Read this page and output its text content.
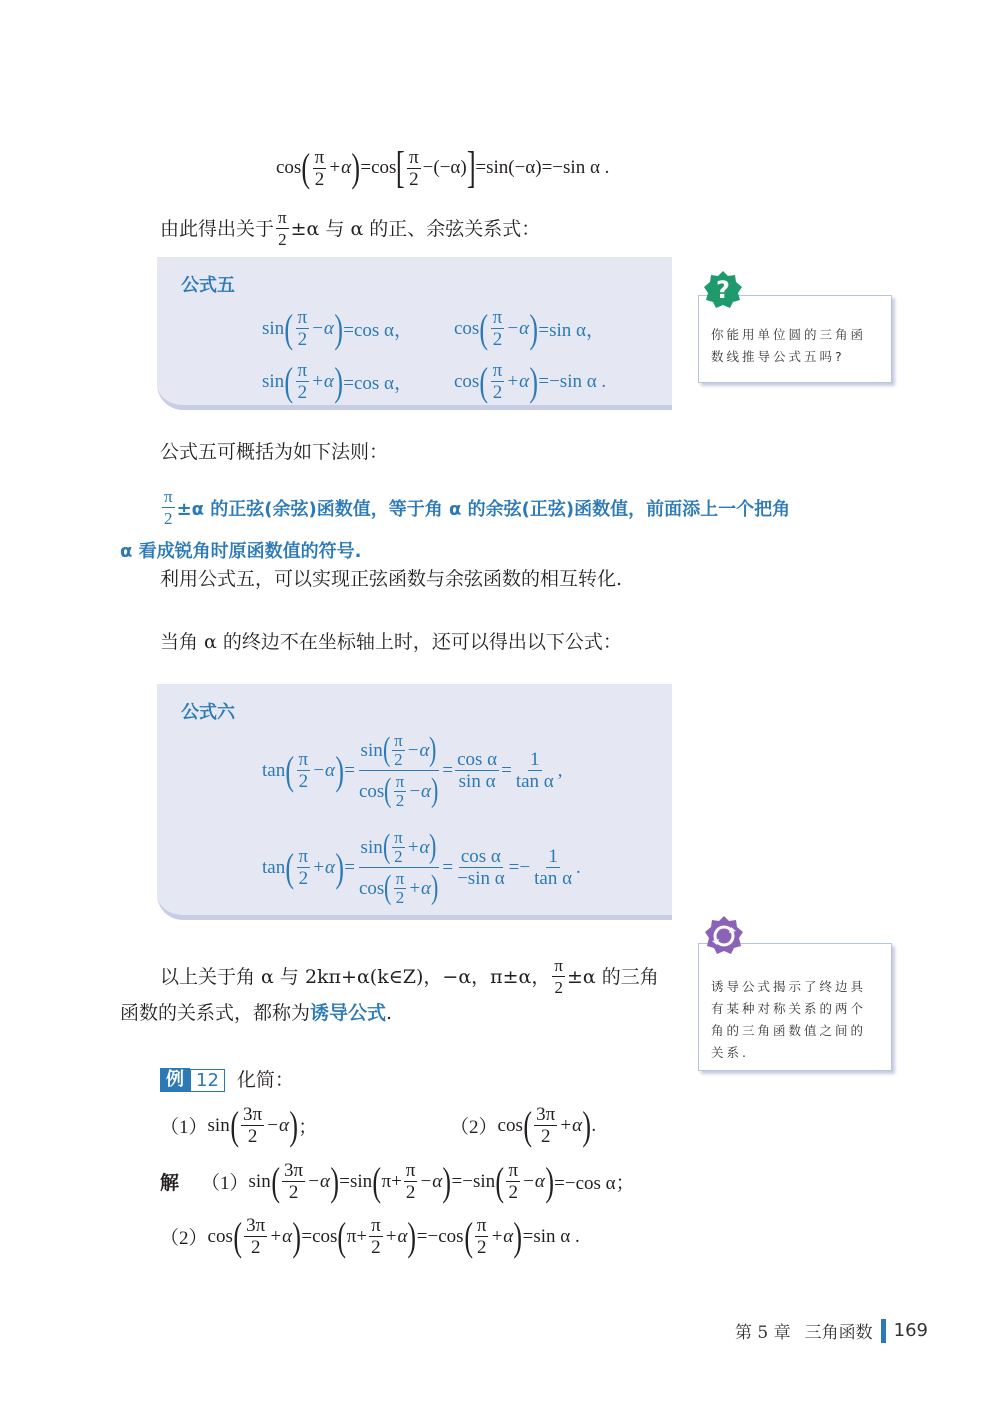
cos ( $\frac{\pi}{2} +\alpha$ ) =cos [ $\frac{\pi}{2} -(-\alpha)$ ] =sin(−α)=−sin α .
由此得出关于 $\frac{\pi}{2} \pm\alpha$ 与 α 的正、余弦关系式：
公式五
sin ( $\frac{\pi}{2} -\alpha$ ) =cos α， cos ( $\frac{\pi}{2} -\alpha$ ) =sin α，
sin ( $\frac{\pi}{2} +\alpha$ ) =cos α， cos ( $\frac{\pi}{2} +\alpha$ ) =−sin α .
你能用单位圆的三角函数线推导公式五吗?
?
公式五可概括为如下法则：
$\frac{\pi}{2} \pm\alpha$ 的正弦(余弦)函数值，等于角 α 的余弦(正弦)函数值，前面添上一个把角
α 看成锐角时原函数值的符号.
利用公式五，可以实现正弦函数与余弦函数的相互转化.
当角 α 的终边不在坐标轴上时，还可以得出以下公式：
公式六
tan ( $\frac{\pi}{2} -\alpha$ ) = $\frac{\sin ( \frac{\pi}{2} -\alpha )}{\cos ( \frac{\pi}{2} -\alpha )} = \frac{\text{cos α}}{\text{sin α}} = \frac{1}{\text{tan α}}$ ,
tan ( $\frac{\pi}{2} +\alpha$ ) = $\frac{\sin ( \frac{\pi}{2} +\alpha )}{\cos ( \frac{\pi}{2} +\alpha )} = \frac{\text{cos α}}{\text{−sin α}} =- \frac{1}{\text{tan α}}$ .
诱导公式揭示了终边具有某种对称关系的两个角的三角函数值之间的关系.
以上关于角 α 与 2kπ+α(k∈Z)，−α，π±α， $\frac{\pi}{2} \pm\alpha$ 的三角
函数的关系式，都称为诱导公式.
例 12 化简：
（1） sin ( $\frac{3\pi}{2} -\alpha$ ) ；	（2） cos ( $\frac{3\pi}{2} +\alpha$ ) .
解 （1） sin ( $\frac{3\pi}{2} -\alpha$ ) =sin ( $\pi+ \frac{\pi}{2} -\alpha$ ) =−sin ( $\frac{\pi}{2} -\alpha$ ) =−cos α；
（2） cos ( $\frac{3\pi}{2} +\alpha$ ) =cos ( $\pi+ \frac{\pi}{2} +\alpha$ ) =−cos ( $\frac{\pi}{2} +\alpha$ ) =sin α .
第 5 章 三角函数 169
